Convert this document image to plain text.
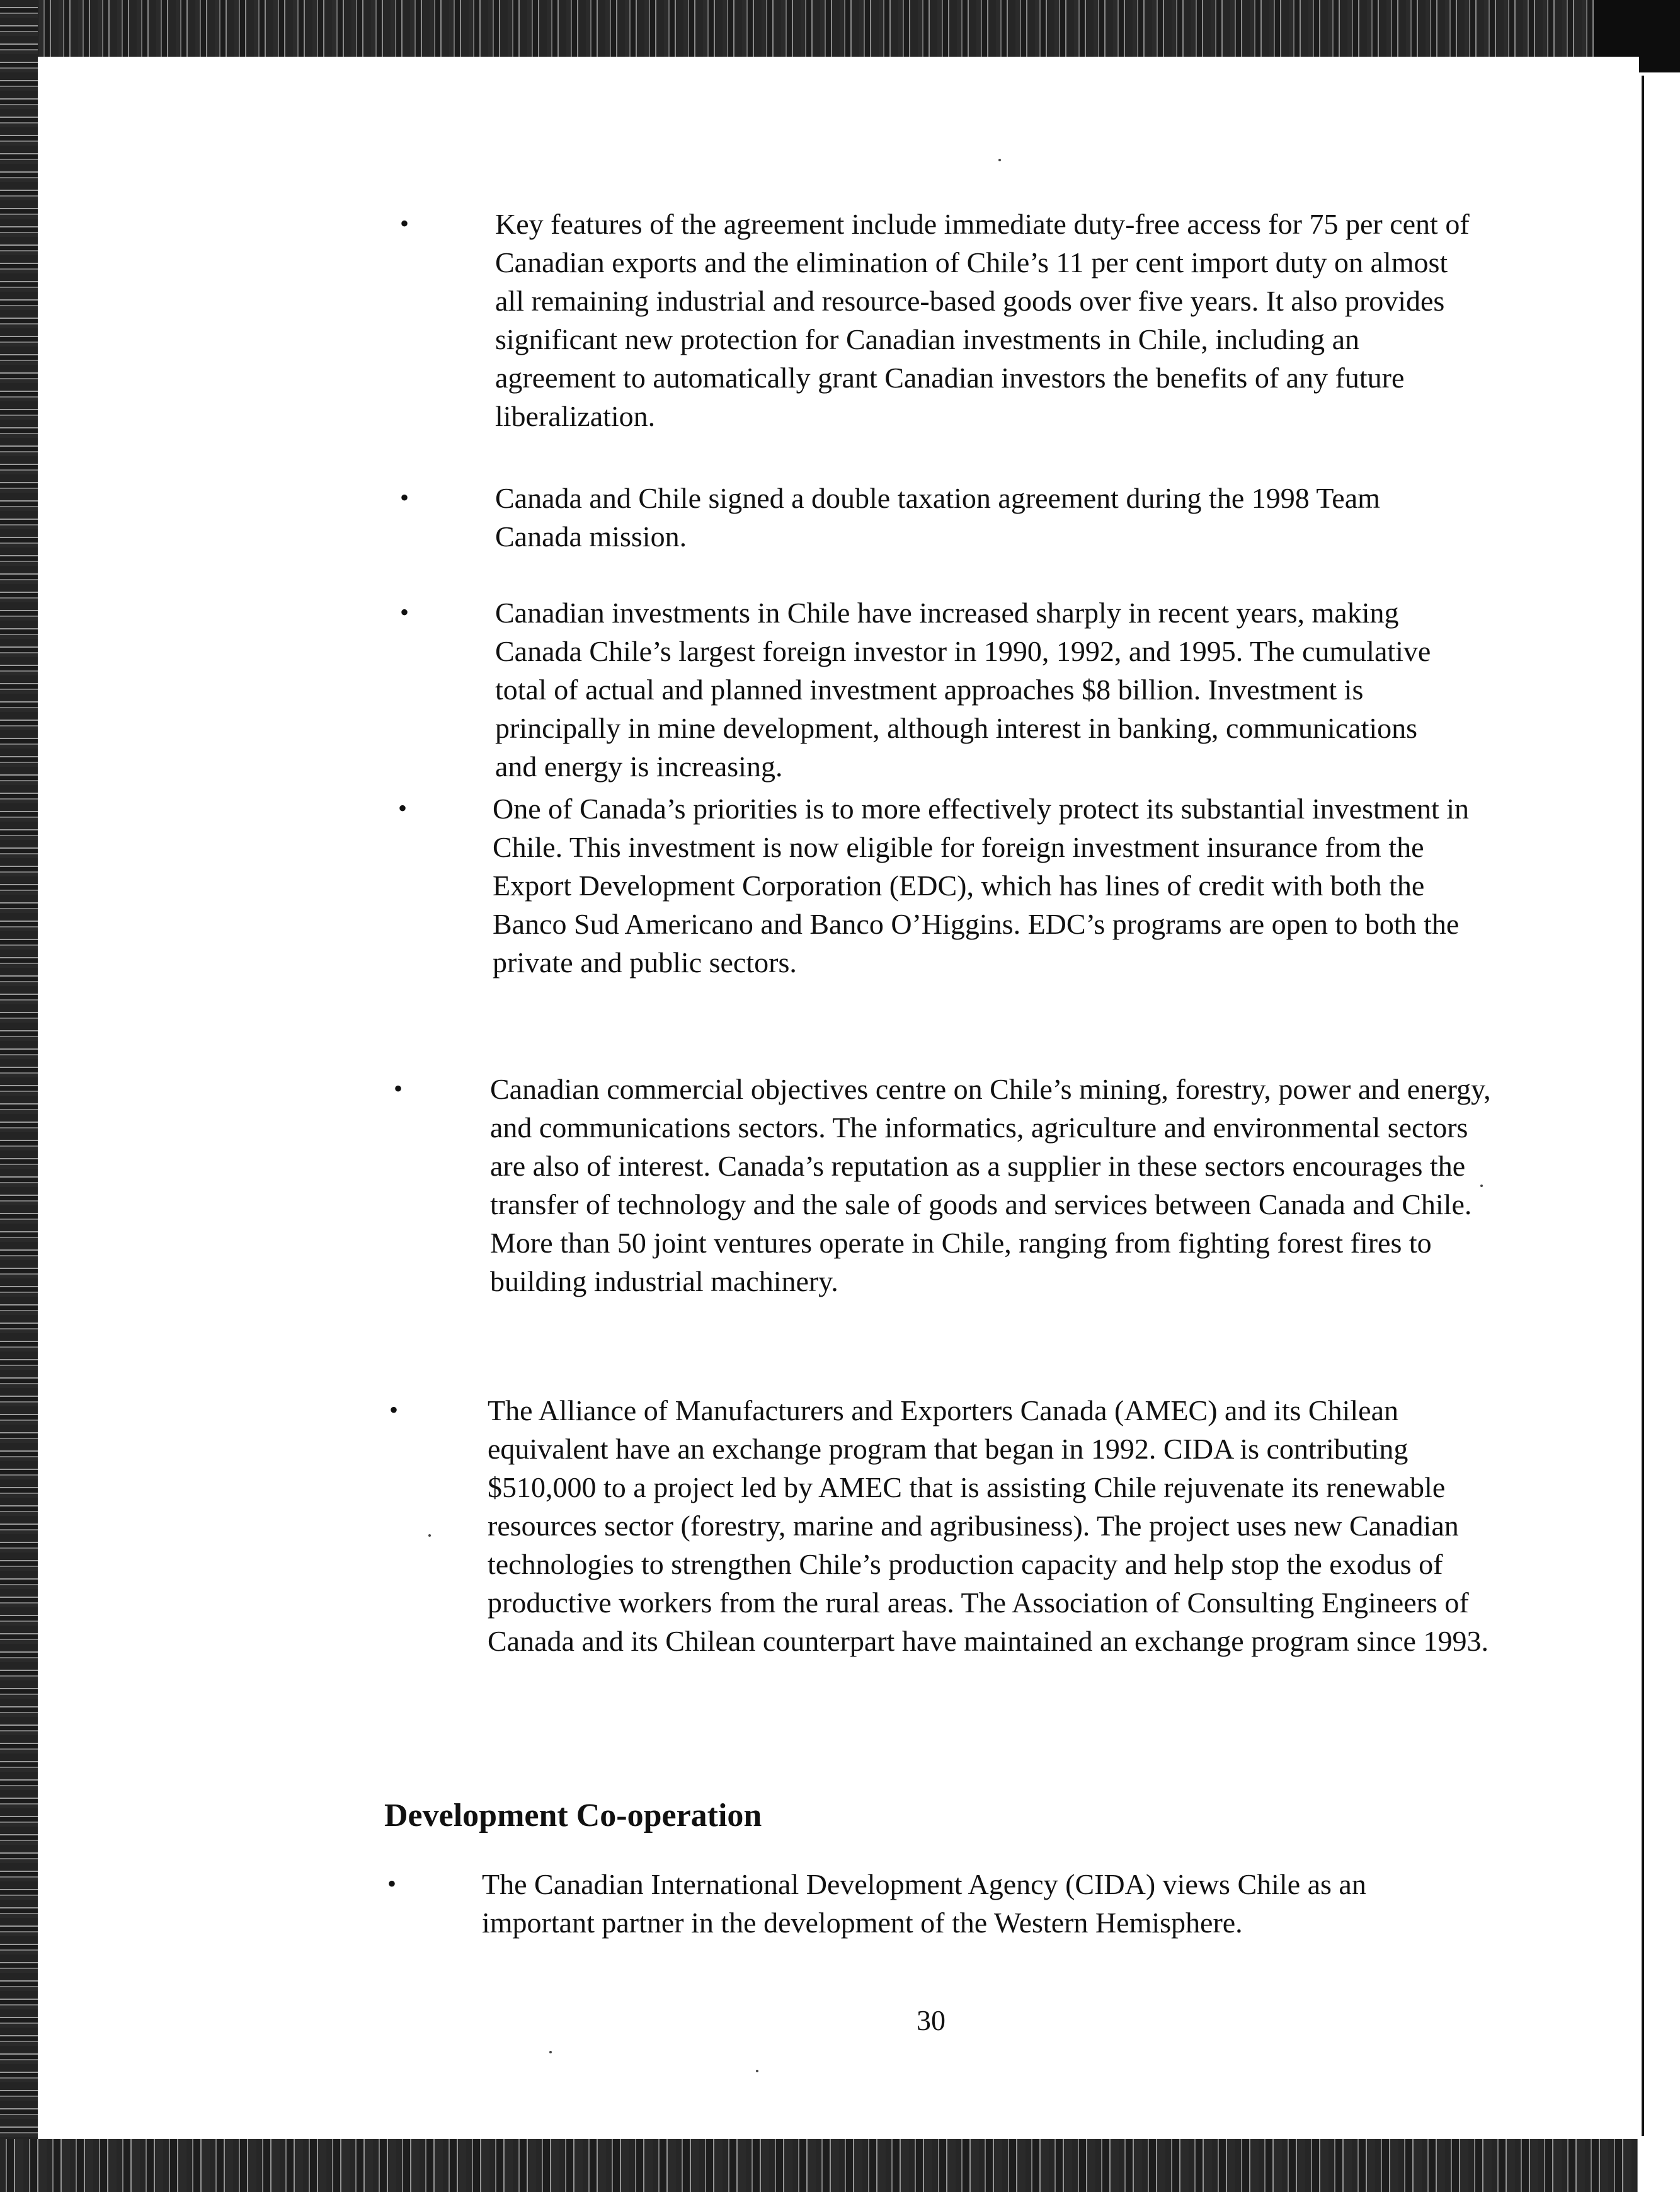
•	Key features of the agreement include immediate duty-free access for 75 per cent of Canadian exports and the elimination of Chile’s 11 per cent import duty on almost all remaining industrial and resource-based goods over five years. It also provides significant new protection for Canadian investments in Chile, including an agreement to automatically grant Canadian investors the benefits of any future liberalization.

•	Canada and Chile signed a double taxation agreement during the 1998 Team Canada mission.

•	Canadian investments in Chile have increased sharply in recent years, making Canada Chile’s largest foreign investor in 1990, 1992, and 1995. The cumulative total of actual and planned investment approaches $8 billion. Investment is principally in mine development, although interest in banking, communications and energy is increasing.

•	One of Canada’s priorities is to more effectively protect its substantial investment in Chile. This investment is now eligible for foreign investment insurance from the Export Development Corporation (EDC), which has lines of credit with both the Banco Sud Americano and Banco O’Higgins. EDC’s programs are open to both the private and public sectors.

•	Canadian commercial objectives centre on Chile’s mining, forestry, power and energy, and communications sectors. The informatics, agriculture and environmental sectors are also of interest. Canada’s reputation as a supplier in these sectors encourages the transfer of technology and the sale of goods and services between Canada and Chile. More than 50 joint ventures operate in Chile, ranging from fighting forest fires to building industrial machinery.

•	The Alliance of Manufacturers and Exporters Canada (AMEC) and its Chilean equivalent have an exchange program that began in 1992. CIDA is contributing $510,000 to a project led by AMEC that is assisting Chile rejuvenate its renewable resources sector (forestry, marine and agribusiness). The project uses new Canadian technologies to strengthen Chile’s production capacity and help stop the exodus of productive workers from the rural areas. The Association of Consulting Engineers of Canada and its Chilean counterpart have maintained an exchange program since 1993.

Development Co-operation
•	The Canadian International Development Agency (CIDA) views Chile as an important partner in the development of the Western Hemisphere.

30
